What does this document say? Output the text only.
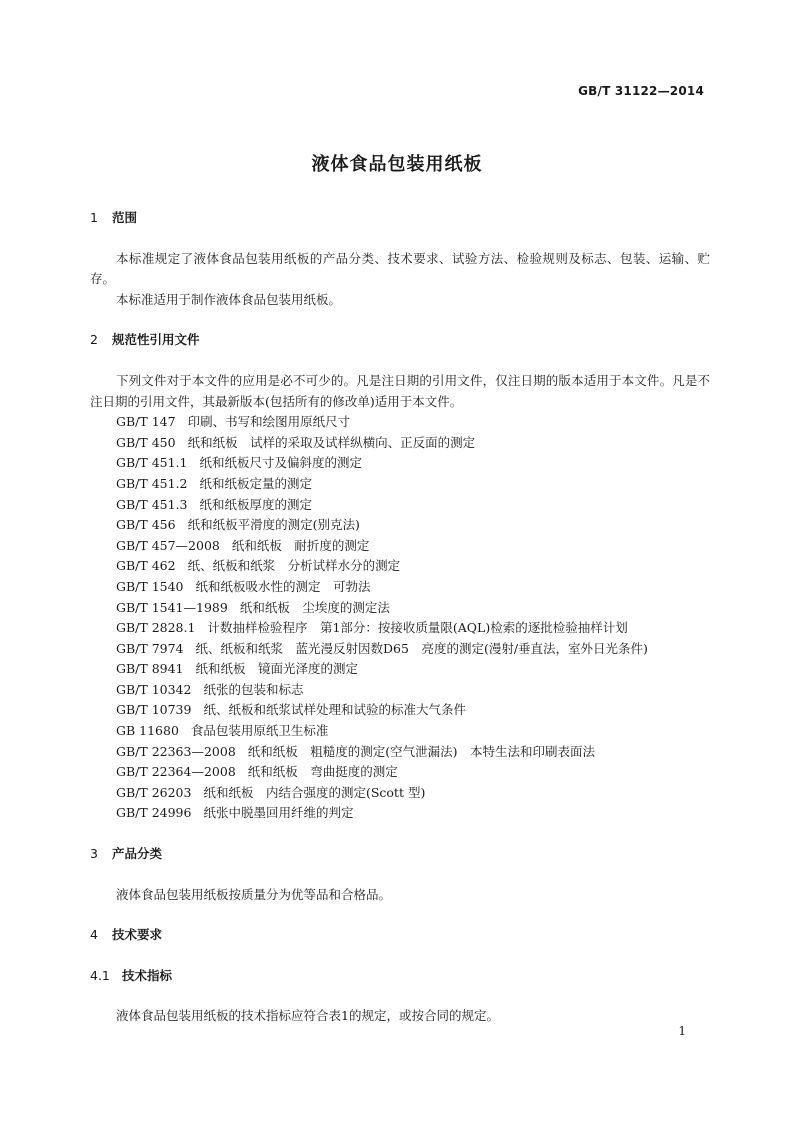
GB/T 31122—2014
液体食品包装用纸板
1 范围

本标准规定了液体食品包装用纸板的产品分类、技术要求、试验方法、检验规则及标志、包装、运输、贮存。

本标准适用于制作液体食品包装用纸板。

2 规范性引用文件

下列文件对于本文件的应用是必不可少的。凡是注日期的引用文件，仅注日期的版本适用于本文件。凡是不注日期的引用文件，其最新版本(包括所有的修改单)适用于本文件。

GB/T 147 印刷、书写和绘图用原纸尺寸
GB/T 450 纸和纸板　试样的采取及试样纵横向、正反面的测定
GB/T 451.1 纸和纸板尺寸及偏斜度的测定
GB/T 451.2 纸和纸板定量的测定
GB/T 451.3 纸和纸板厚度的测定
GB/T 456 纸和纸板平滑度的测定(别克法)
GB/T 457—2008 纸和纸板　耐折度的测定
GB/T 462 纸、纸板和纸浆　分析试样水分的测定
GB/T 1540 纸和纸板吸水性的测定　可勃法
GB/T 1541—1989 纸和纸板　尘埃度的测定法
GB/T 2828.1 计数抽样检验程序　第1部分：按接收质量限(AQL)检索的逐批检验抽样计划
GB/T 7974 纸、纸板和纸浆　蓝光漫反射因数D65　亮度的测定(漫射/垂直法，室外日光条件)
GB/T 8941 纸和纸板　镜面光泽度的测定
GB/T 10342 纸张的包装和标志
GB/T 10739 纸、纸板和纸浆试样处理和试验的标准大气条件
GB 11680 食品包装用原纸卫生标准
GB/T 22363—2008 纸和纸板　粗糙度的测定(空气泄漏法)　本特生法和印刷表面法
GB/T 22364—2008 纸和纸板　弯曲挺度的测定
GB/T 26203 纸和纸板　内结合强度的测定(Scott 型)
GB/T 24996 纸张中脱墨回用纤维的判定
3 产品分类

液体食品包装用纸板按质量分为优等品和合格品。

4 技术要求
4.1 技术指标

液体食品包装用纸板的技术指标应符合表1的规定，或按合同的规定。

1
